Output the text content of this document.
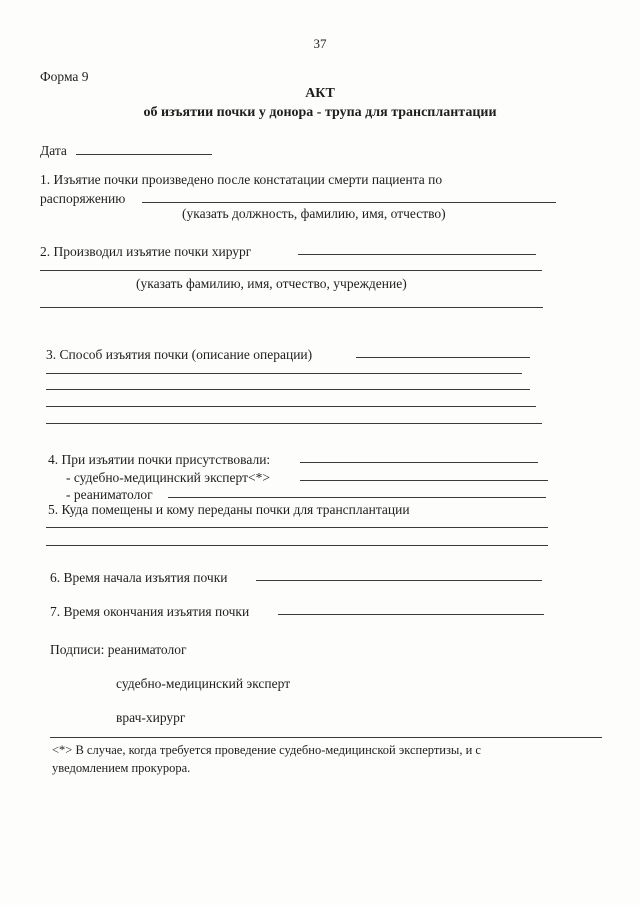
37
Форма 9
АКТ
об изъятии почки у донора - трупа для трансплантации
Дата
1. Изъятие почки произведено после констатации смерти пациента по
распоряжению
(указать должность, фамилию, имя, отчество)
2. Производил изъятие почки хирург
(указать фамилию, имя, отчество, учреждение)
3. Способ изъятия почки (описание операции)
4. При изъятии почки присутствовали:
- судебно-медицинский эксперт<*>
- реаниматолог
5. Куда помещены и кому переданы почки для трансплантации
6. Время начала изъятия почки
7. Время окончания изъятия почки
Подписи: реаниматолог
судебно-медицинский эксперт
врач-хирург
<*> В случае, когда требуется проведение судебно-медицинской экспертизы, и с
уведомлением прокурора.
